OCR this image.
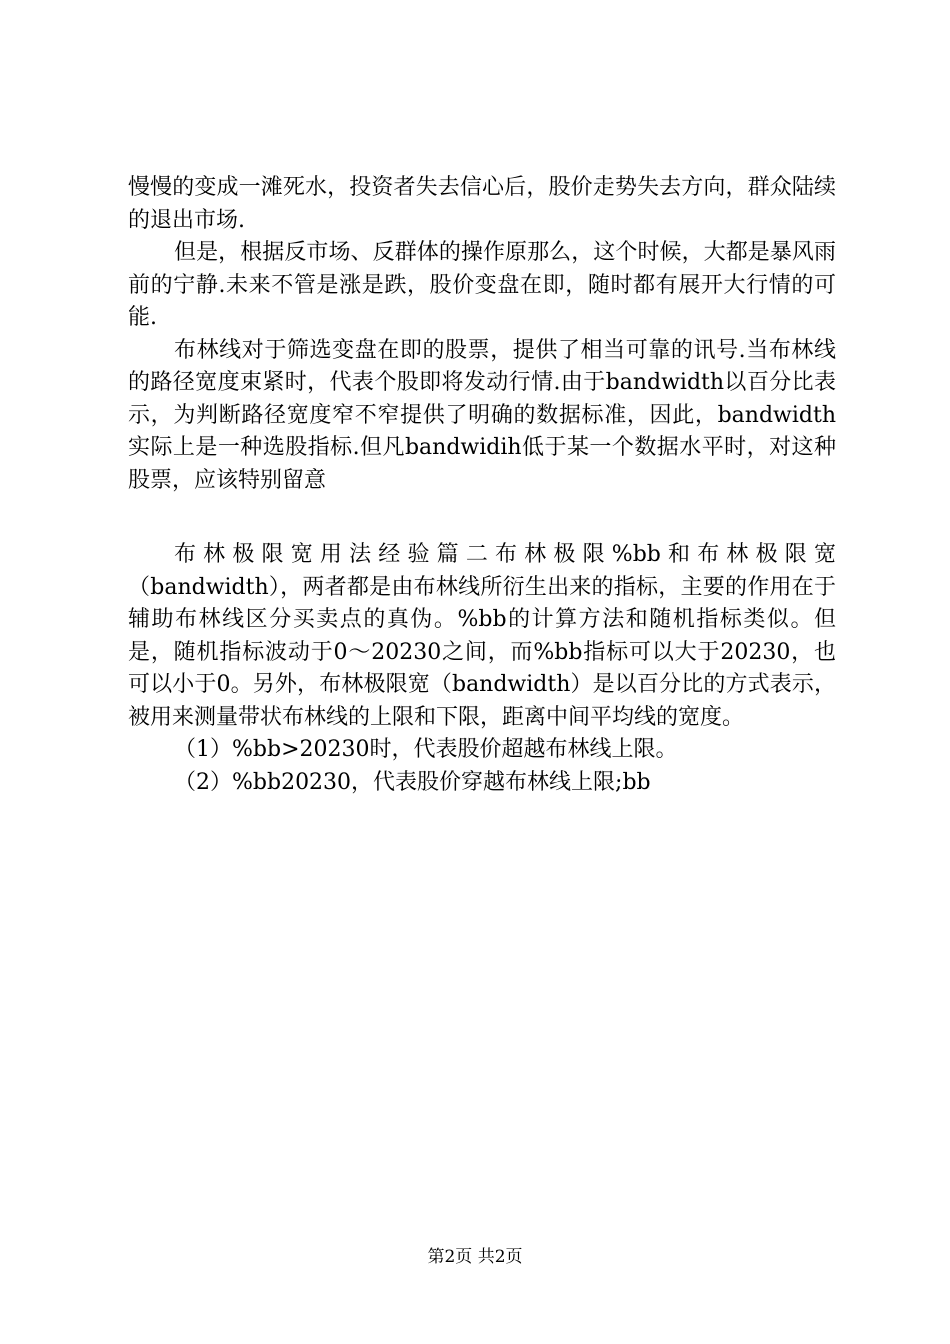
慢慢的变成一滩死水，投资者失去信心后，股价走势失去方向，群众陆续的退出市场.

但是，根据反市场、反群体的操作原那么，这个时候，大都是暴风雨前的宁静.未来不管是涨是跌，股价变盘在即，随时都有展开大行情的可能.

布林线对于筛选变盘在即的股票，提供了相当可靠的讯号.当布林线的路径宽度束紧时，代表个股即将发动行情.由于bandwidth以百分比表示，为判断路径宽度窄不窄提供了明确的数据标准，因此，bandwidth实际上是一种选股指标.但凡bandwidih低于某一个数据水平时，对这种股票，应该特别留意

布林极限宽用法经验篇二布林极限%bb和布林极限宽（bandwidth），两者都是由布林线所衍生出来的指标，主要的作用在于辅助布林线区分买卖点的真伪。%bb的计算方法和随机指标类似。但是，随机指标波动于0～20230之间，而%bb指标可以大于20230，也可以小于0。另外，布林极限宽（bandwidth）是以百分比的方式表示，被用来测量带状布林线的上限和下限，距离中间平均线的宽度。

（1）%bb>20230时，代表股价超越布林线上限。

（2）%bb20230，代表股价穿越布林线上限;bb

第2页 共2页
